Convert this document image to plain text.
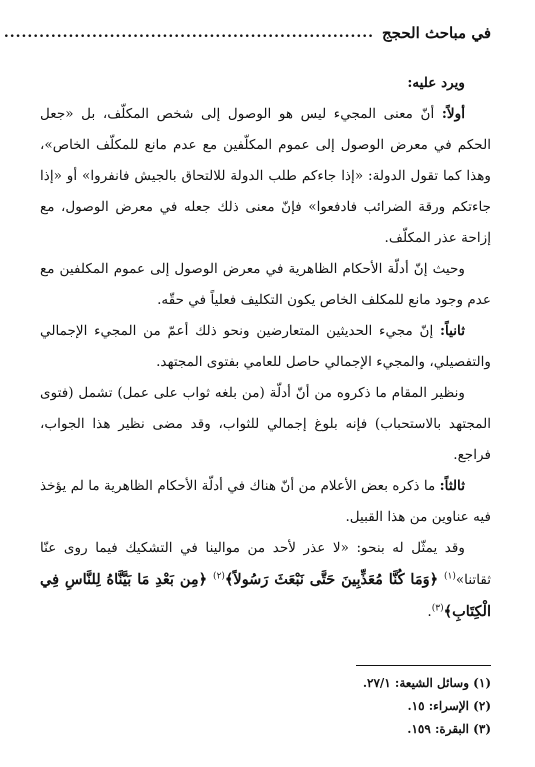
في مباحث الحجج
...............................................................

ويرد عليه:

أولاً: أنّ معنى المجيء ليس هو الوصول إلى شخص المكلّف، بل «جعل الحكم في معرض الوصول إلى عموم المكلّفين مع عدم مانع للمكلّف الخاص»، وهذا كما تقول الدولة: «إذا جاءكم طلب الدولة للالتحاق بالجيش فانفروا» أو «إذا جاءتكم ورقة الضرائب فادفعوا» فإنّ معنى ذلك جعله في معرض الوصول، مع إزاحة عذر المكلّف.

وحيث إنّ أدلّة الأحكام الظاهرية في معرض الوصول إلى عموم المكلفين مع عدم وجود مانع للمكلف الخاص يكون التكليف فعلياً في حقّه.

ثانياً: إنّ مجيء الحديثين المتعارضين ونحو ذلك أعمّ من المجيء الإجمالي والتفصيلي، والمجيء الإجمالي حاصل للعامي بفتوى المجتهد.

ونظير المقام ما ذكروه من أنّ أدلّة (من بلغه ثواب على عمل) تشمل (فتوى المجتهد بالاستحباب) فإنه بلوغ إجمالي للثواب، وقد مضى نظير هذا الجواب، فراجع.

ثالثاً: ما ذكره بعض الأعلام من أنّ هناك في أدلّة الأحكام الظاهرية ما لم يؤخذ فيه عناوين من هذا القبيل.

وقد يمثّل له بنحو: «لا عذر لأحد من موالينا في التشكيك فيما روى عنّا ثقاتنا»$^{(١)}$ ﴿وَمَا كُنَّا مُعَذِّبِينَ حَتَّى نَبْعَثَ رَسُولاً﴾$^{(٢)}$ ﴿مِن بَعْدِ مَا بَيَّنَّاهُ لِلنَّاسِ فِي الْكِتَابِ﴾$^{(٣)}$.

(١) وسائل الشيعة: ٢٧/١.
(٢) الإسراء: ١٥.
(٣) البقرة: ١٥٩.
